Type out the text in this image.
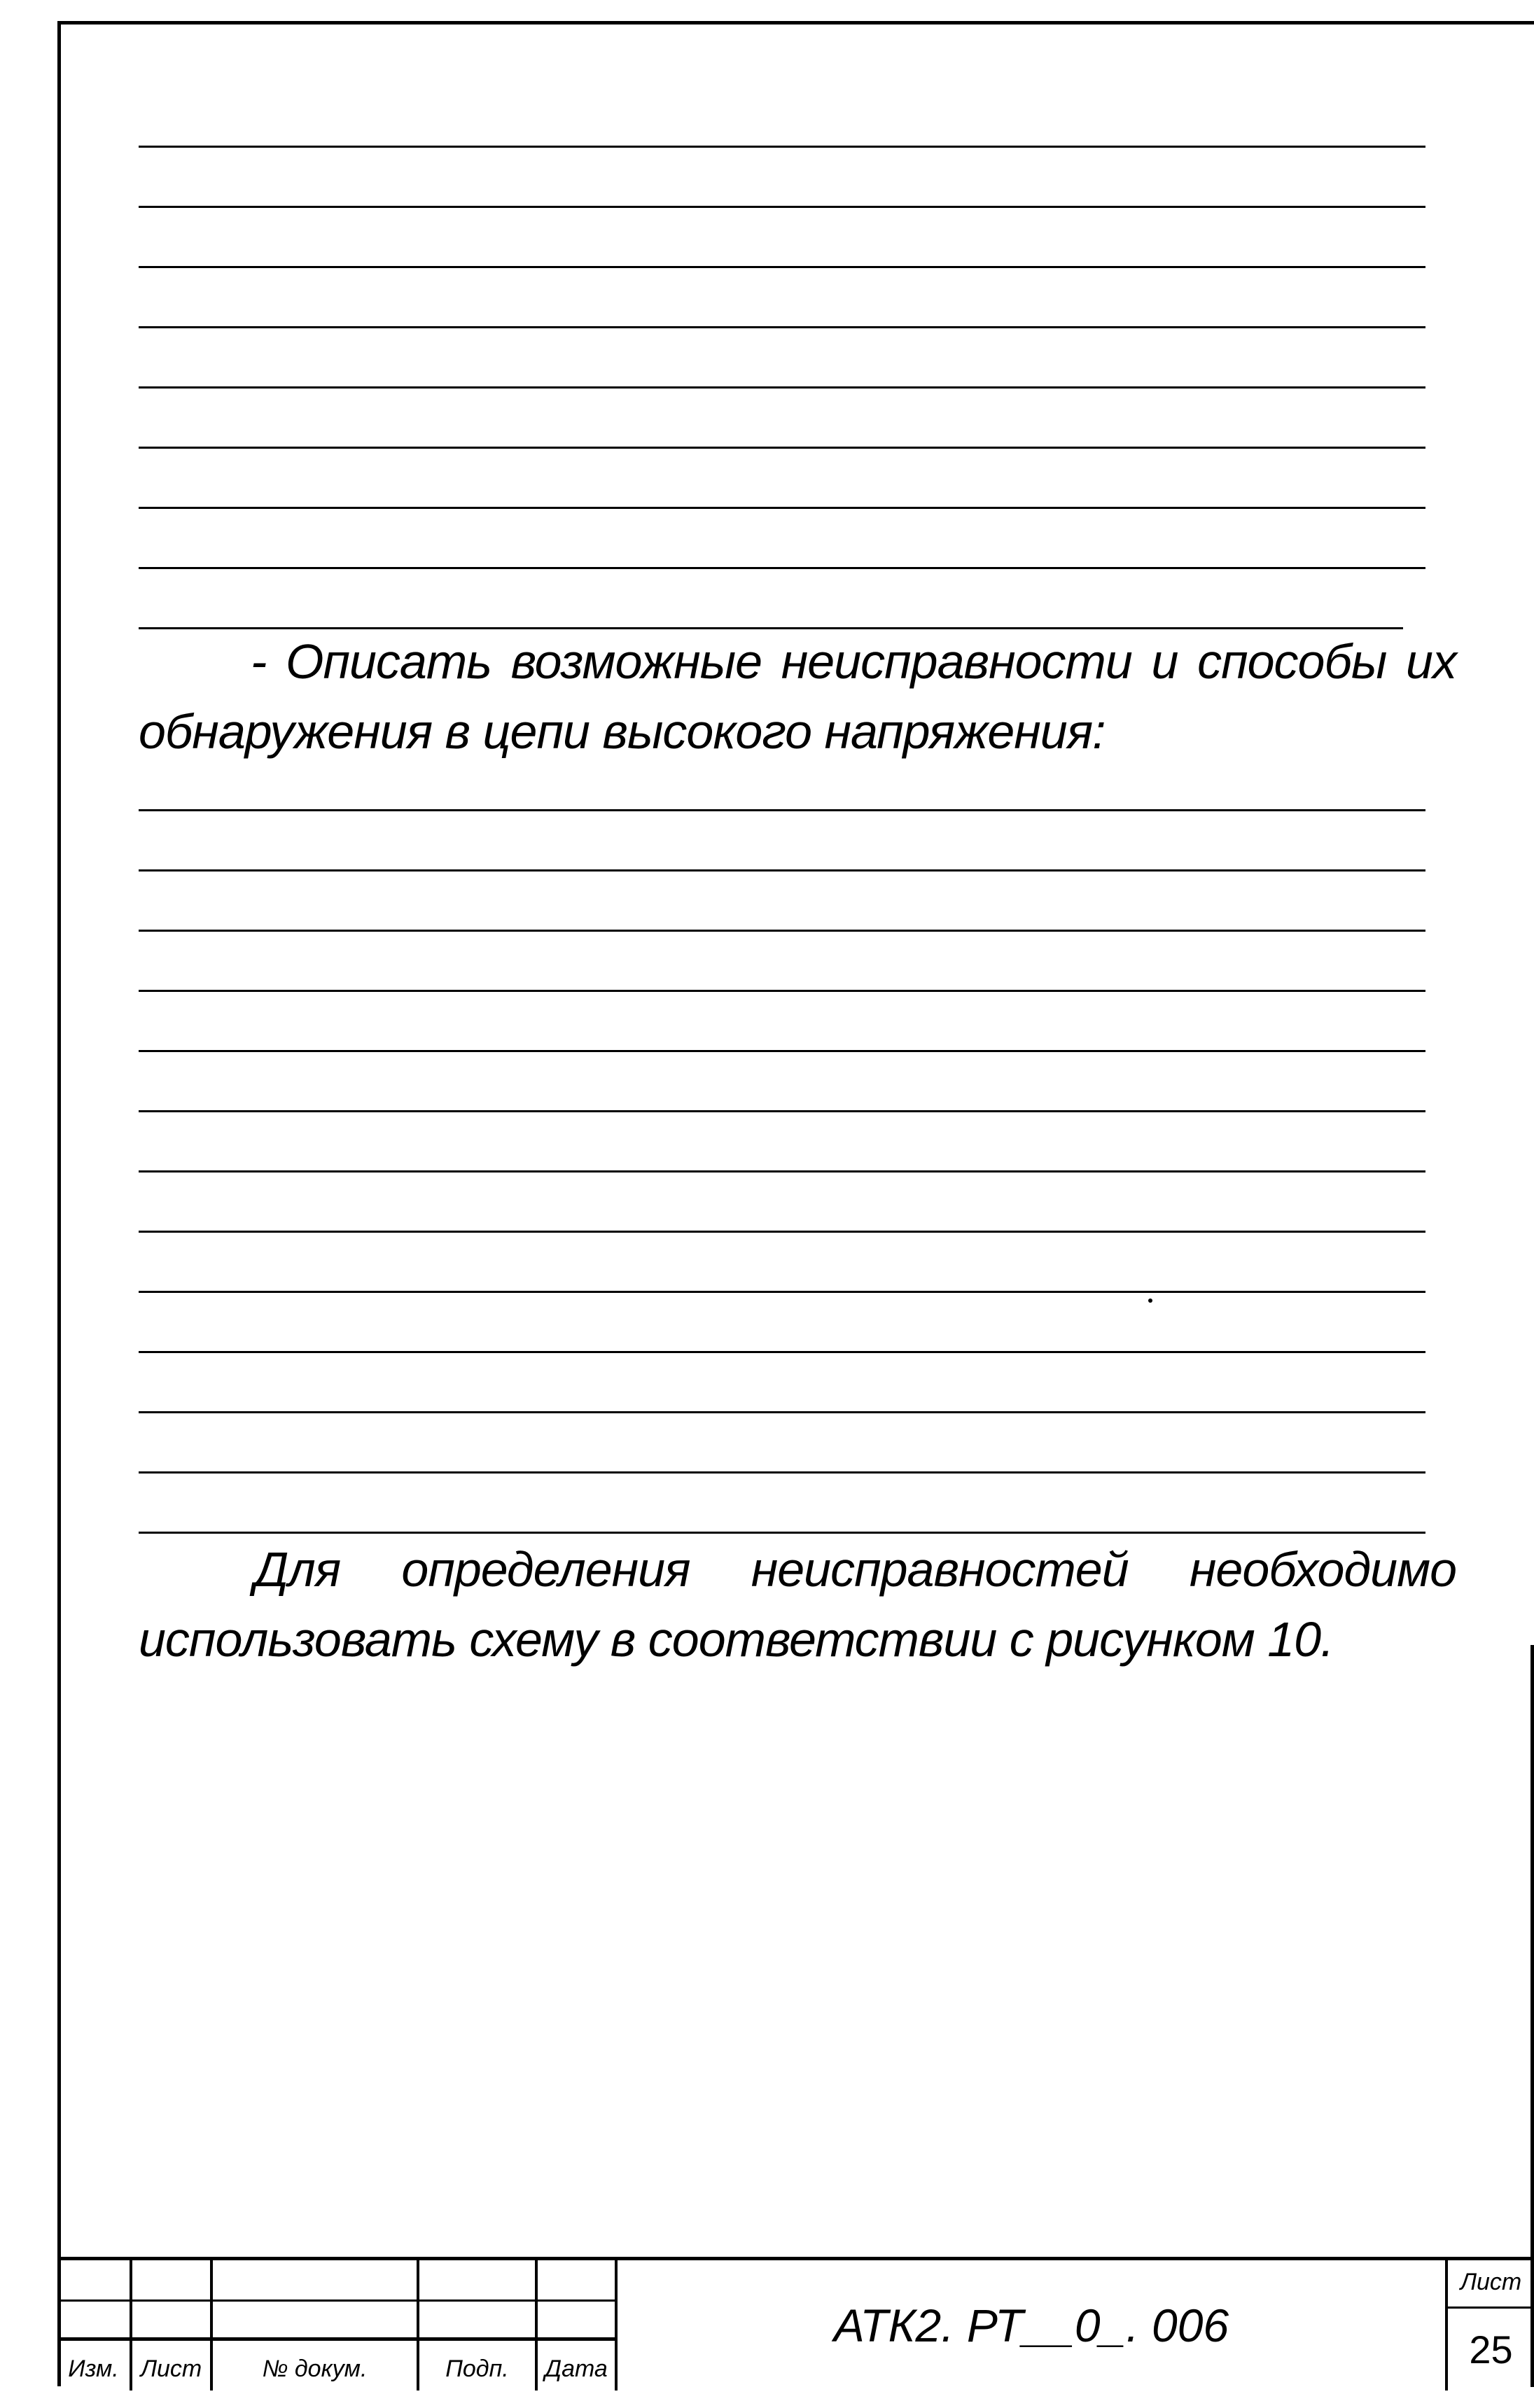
- Описать возможные неисправности и способы их
обнаружения в цепи высокого напряжения:
Для определения неисправностей необходимо
использовать схему в соответствии с рисунком 10.
Изм. Лист	№ докум.	Подп.	Дата
АТК2. РТ__0_. 006
Лист
25
